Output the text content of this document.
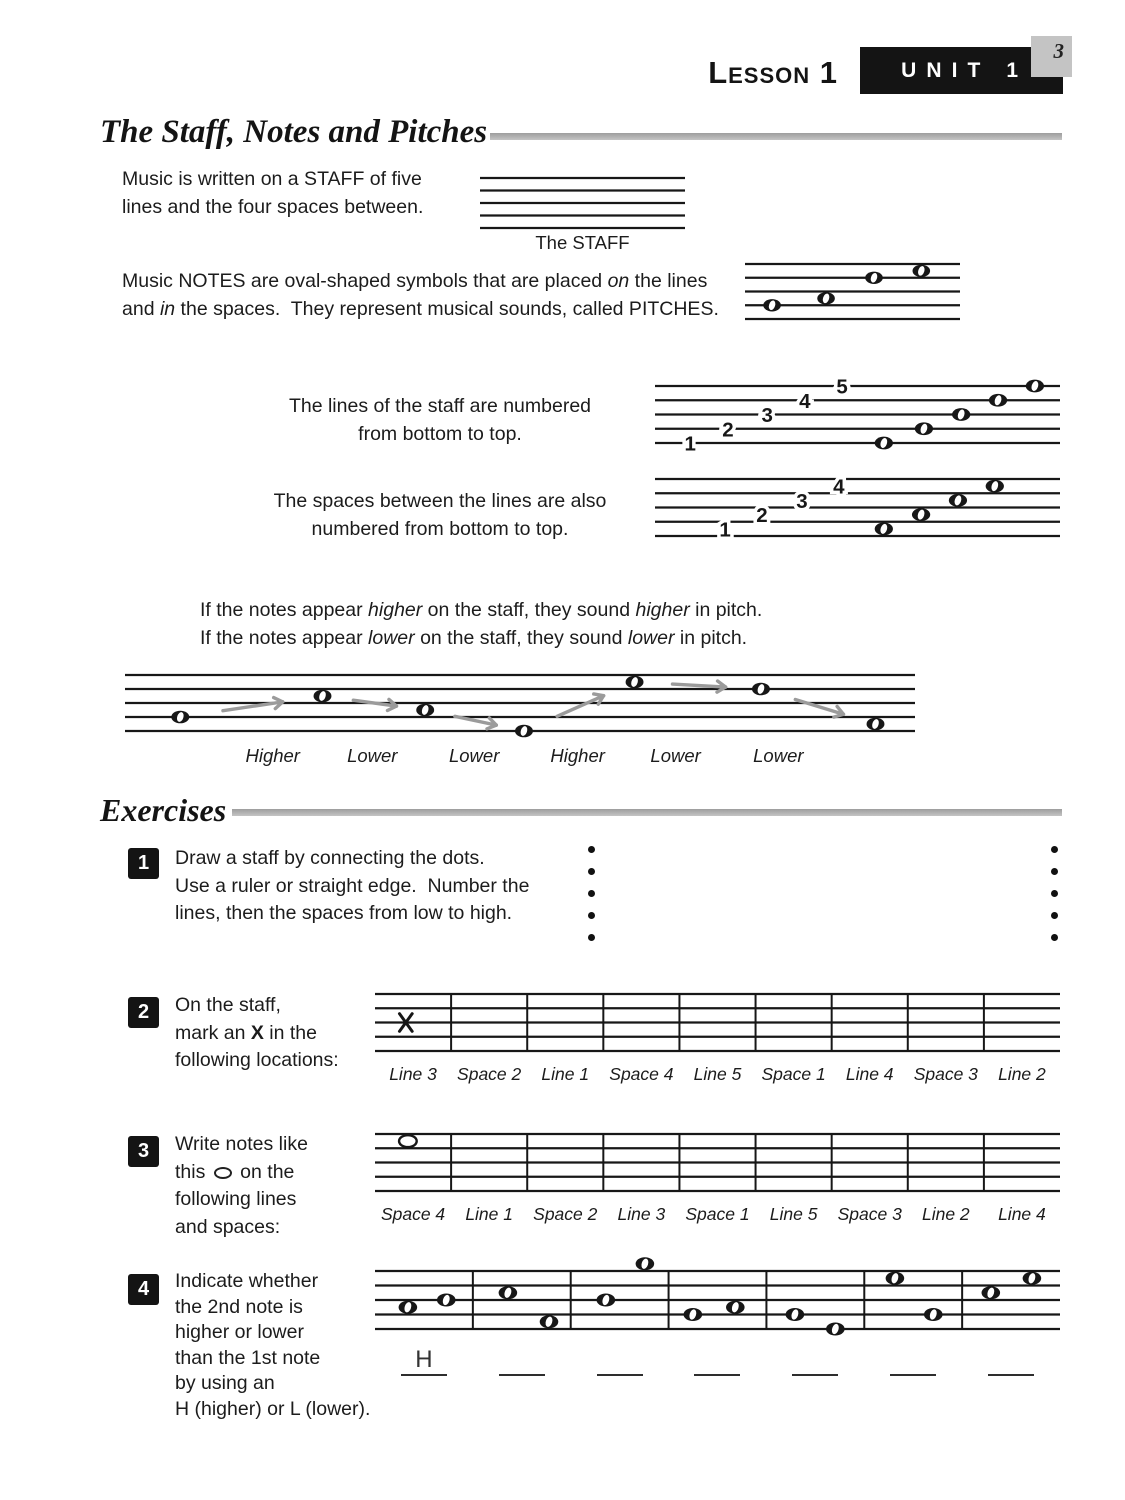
Lesson 1	UNIT 1
3
The Staff, Notes and Pitches
Music is written on a STAFF of five
lines and the four spaces between.
The STAFF
Music NOTES are oval-shaped symbols that are placed on the lines
and in the spaces.  They represent musical sounds, called PITCHES.
The lines of the staff are numbered
from bottom to top.	1
2
3
4
5
The spaces between the lines are also
numbered from bottom to top.	1
2
3
4
If the notes appear higher on the staff, they sound higher in pitch.
If the notes appear lower on the staff, they sound lower in pitch.
Higher	Lower	Lower	Higher Lower	Lower
Exercises
1	Draw a staff by connecting the dots.
Use a ruler or straight edge.  Number the
lines, then the spaces from low to high.
2	On the staff,
mark an X in the
following locations:
Line 3	Space 2	Line 1	Space 4	Line 5	Space 1	Line 4	Space 3	Line 2
3	Write notes like
this  on the
following lines
and spaces:
Space 4	Line 1	Space 2	Line 3	Space 1	Line 5	Space 3	Line 2	Line 4
4	Indicate whether
the 2nd note is
higher or lower
than the 1st note
by using an
H (higher) or L (lower).
H
